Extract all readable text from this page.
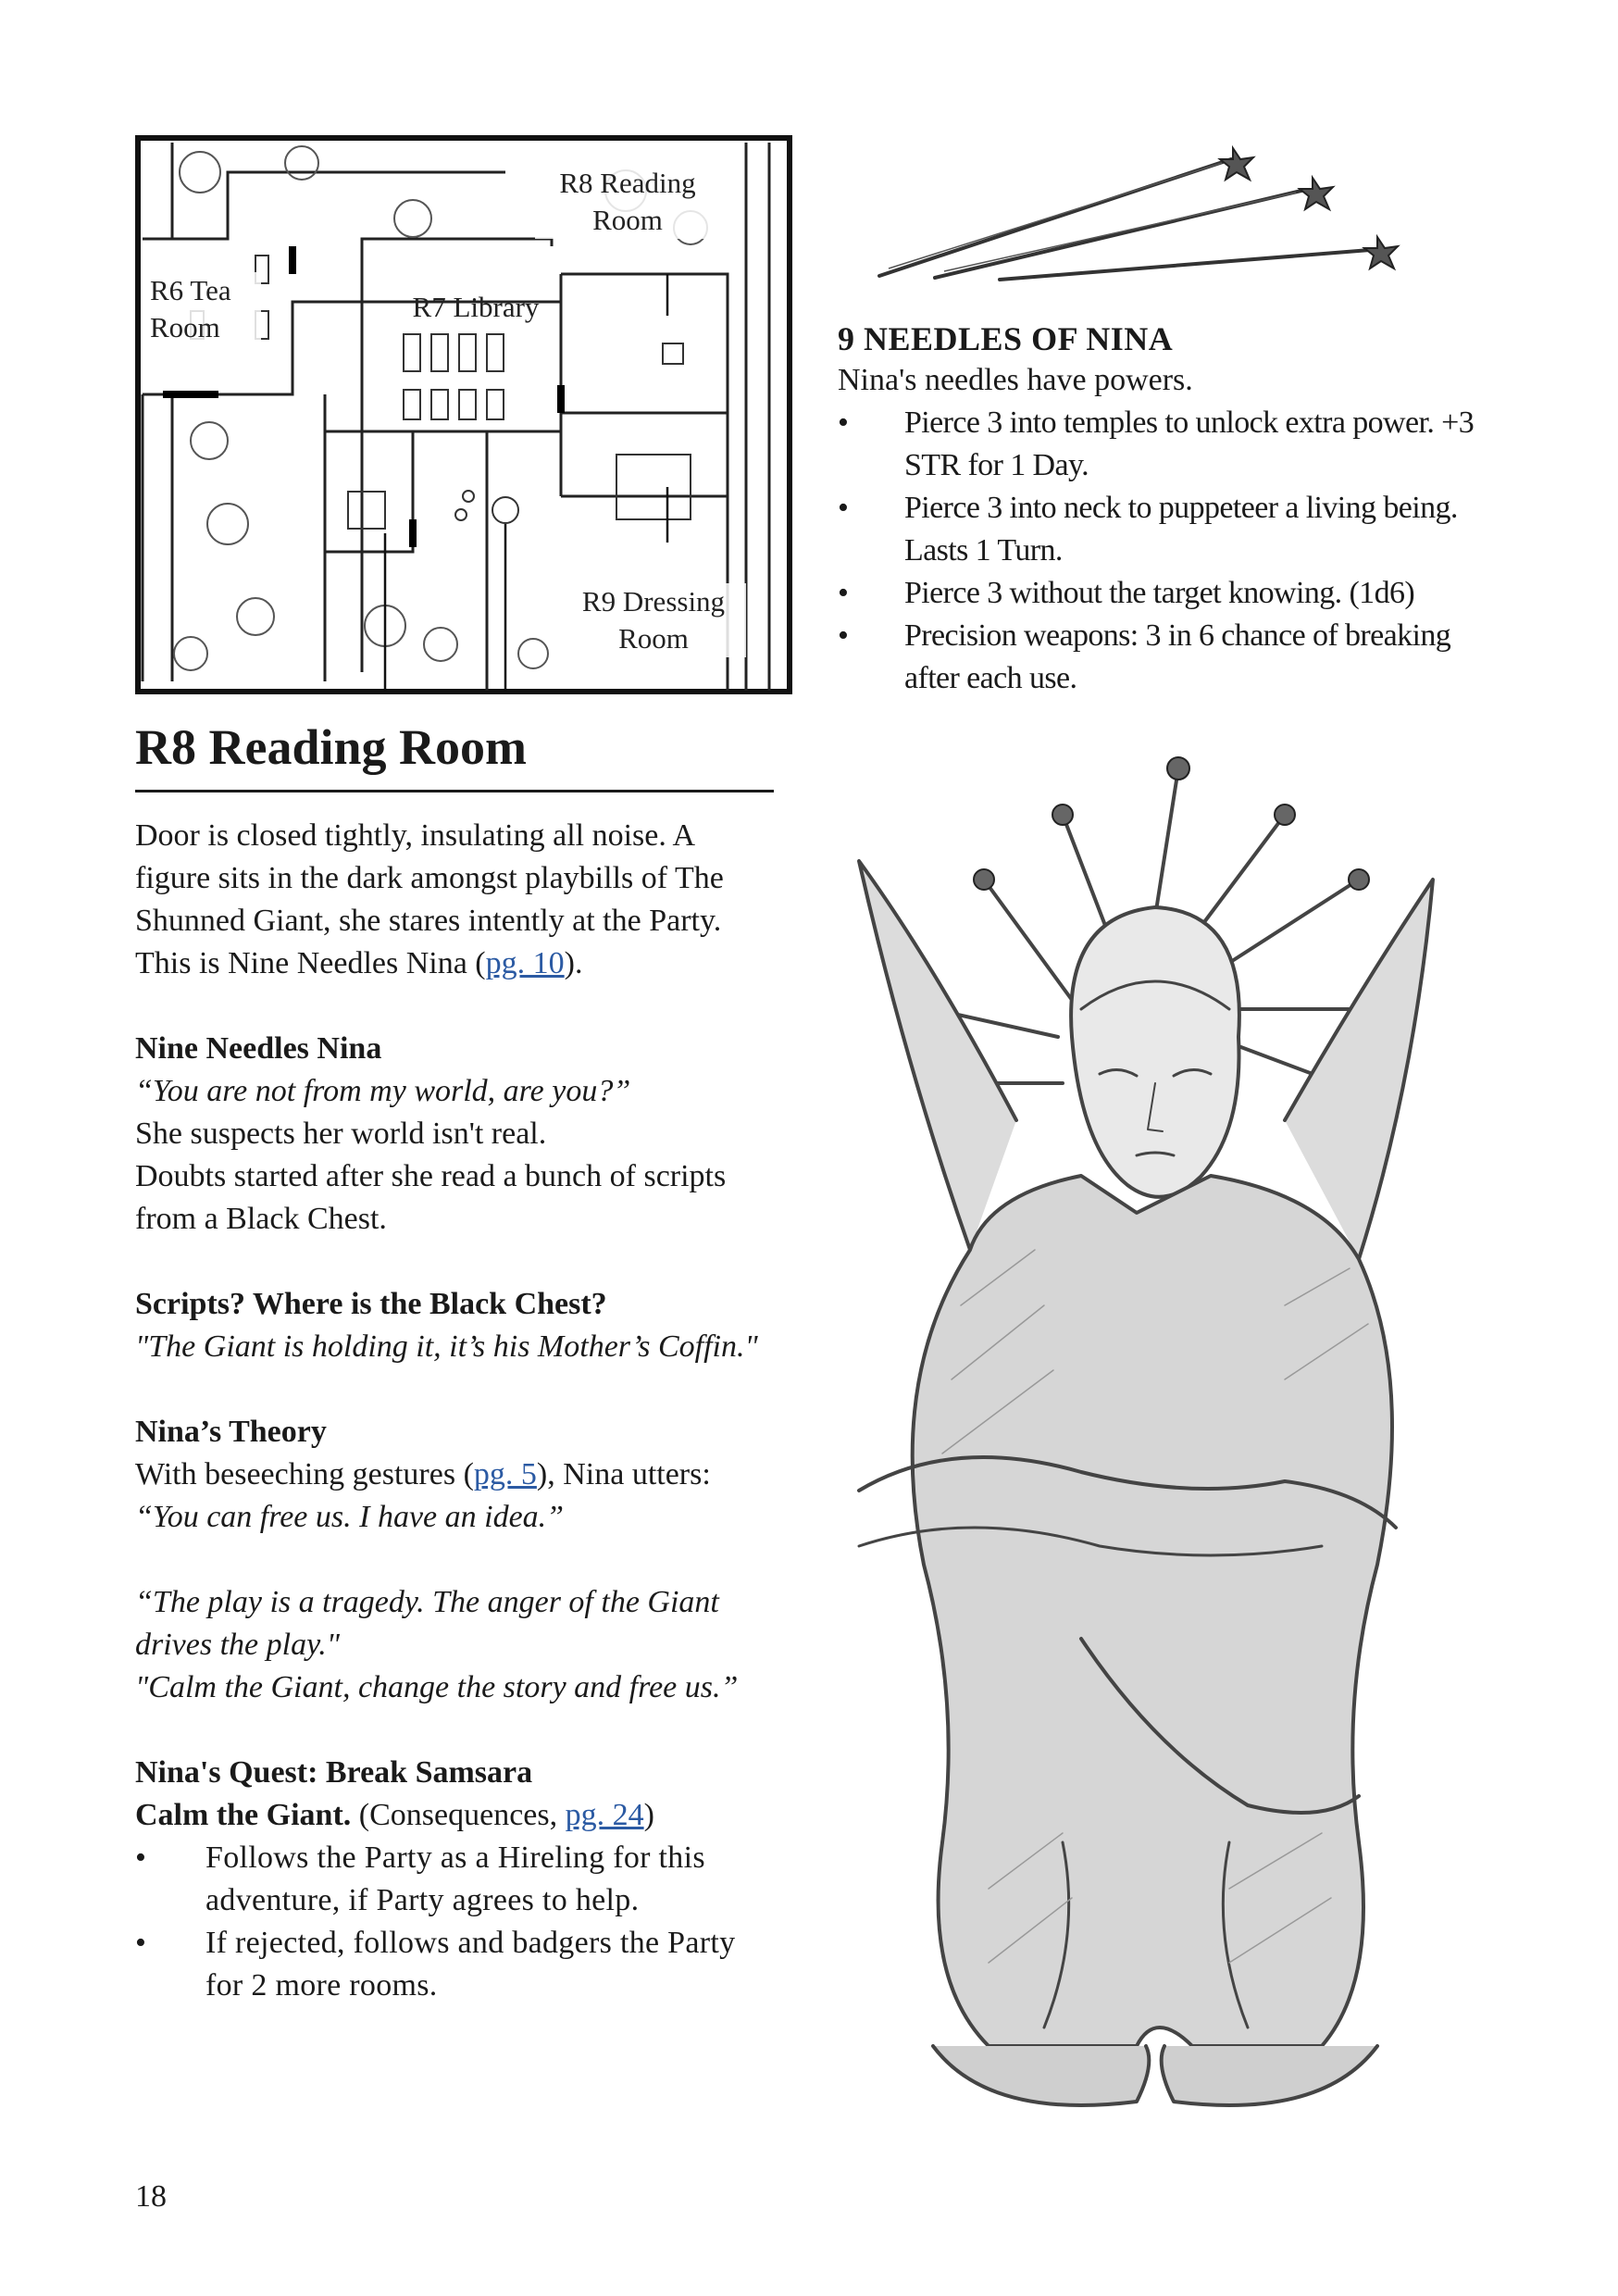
R8 Reading
Room
R6 Tea
Room
R7 Library
R9 Dressing
Room

9 NEEDLES OF NINA

Nina's needles have powers.

• Pierce 3 into temples to unlock extra power. +3 STR for 1 Day.
• Pierce 3 into neck to puppeteer a living being. Lasts 1 Turn.
• Pierce 3 without the target knowing. (1d6)
• Precision weapons: 3 in 6 chance of breaking after each use.
R8 Reading Room

Door is closed tightly, insulating all noise. A figure sits in the dark amongst playbills of The Shunned Giant, she stares intently at the Party. This is Nine Needles Nina (pg. 10).

Nine Needles Nina

“You are not from my world, are you?”

She suspects her world isn't real.

Doubts started after she read a bunch of scripts from a Black Chest.

Scripts? Where is the Black Chest?

"The Giant is holding it, it’s his Mother’s Coffin."

Nina’s Theory

With beseeching gestures (pg. 5), Nina utters:

“You can free us. I have an idea.”

“The play is a tragedy. The anger of the Giant drives the play."

"Calm the Giant, change the story and free us.”

Nina's Quest: Break Samsara

Calm the Giant. (Consequences, pg. 24)

• Follows the Party as a Hireling for this adventure, if Party agrees to help.
• If rejected, follows and badgers the Party for 2 more rooms.
18
